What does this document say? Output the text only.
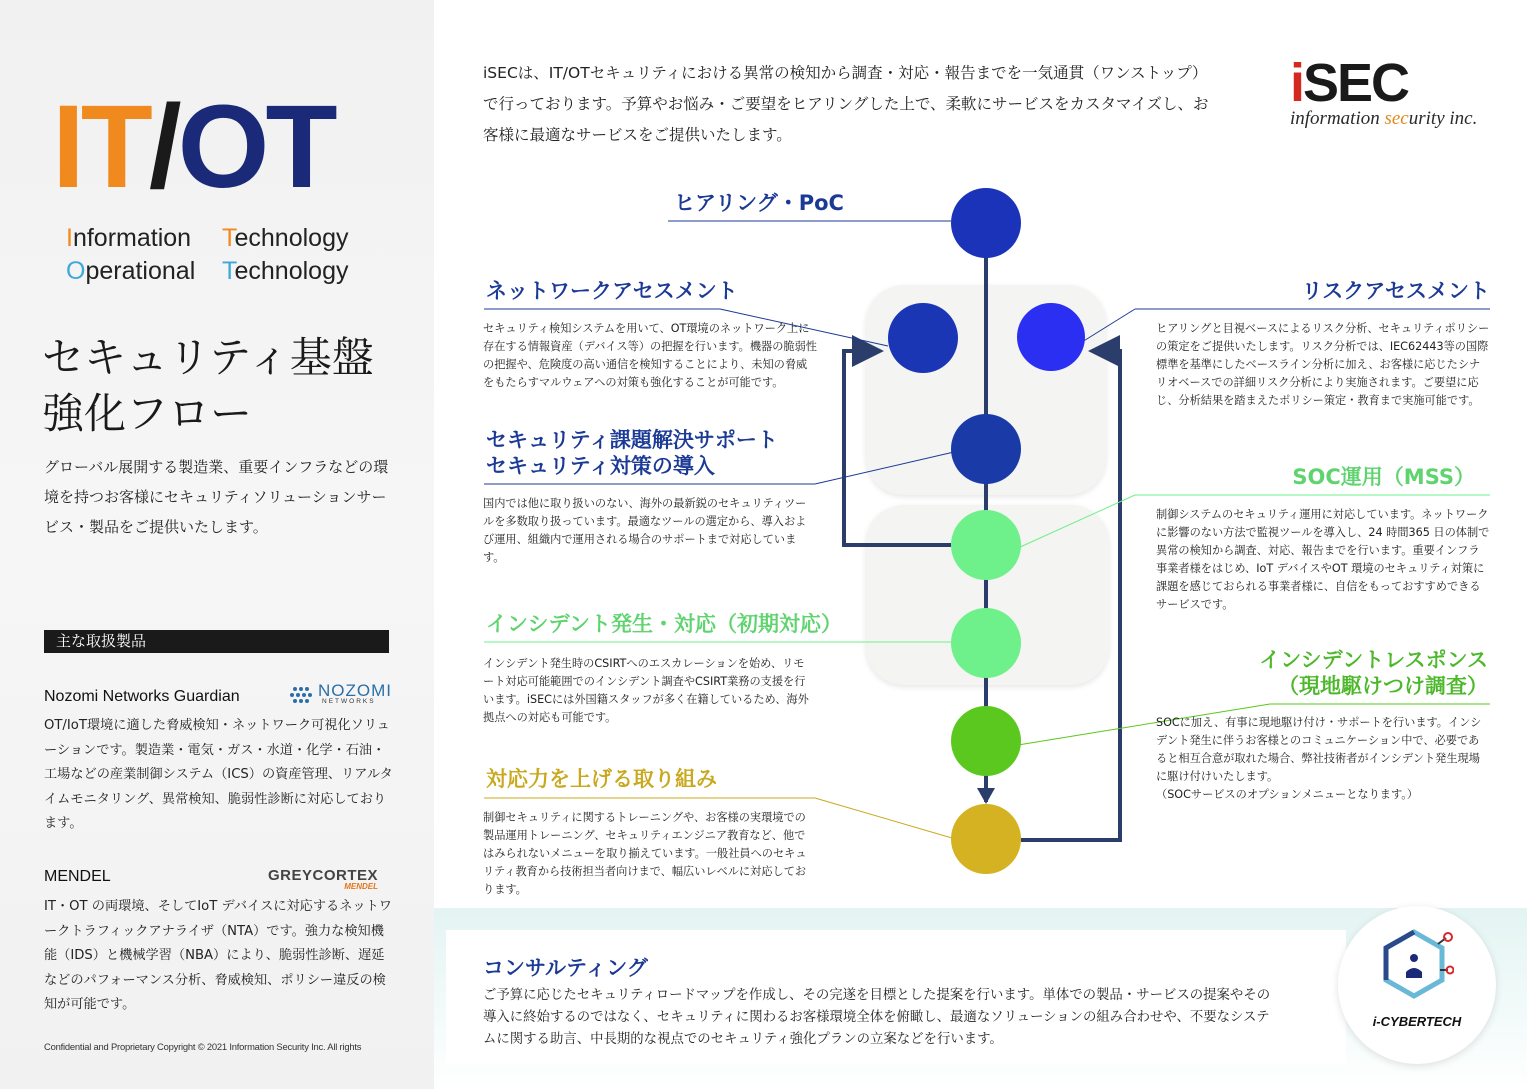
IT/OT
Information Technology
Operational Technology
セキュリティ基盤
強化フロー
グローバル展開する製造業、重要インフラなどの環境を持つお客様にセキュリティソリューションサービス・製品をご提供いたします。
主な取扱製品
Nozomi Networks Guardian	NOZOMI
NETWORKS
OT/IoT環境に適した脅威検知・ネットワーク可視化ソリューションです。製造業・電気・ガス・水道・化学・石油・工場などの産業制御システム（ICS）の資産管理、リアルタイムモニタリング、異常検知、脆弱性診断に対応しております。
MENDEL	GREYCORTEX
MENDEL
IT・OT の両環境、そしてIoT デバイスに対応するネットワークトラフィックアナライザ（NTA）です。強力な検知機能（IDS）と機械学習（NBA）により、脆弱性診断、遅延などのパフォーマンス分析、脅威検知、ポリシー違反の検知が可能です。
Confidential and Proprietary Copyright © 2021 Information Security Inc. All rights
iSECは、IT/OTセキュリティにおける異常の検知から調査・対応・報告までを一気通貫（ワンストップ）で行っております。予算やお悩み・ご要望をヒアリングした上で、柔軟にサービスをカスタマイズし、お客様に最適なサービスをご提供いたします。
iSEC
information security inc.
ヒアリング・PoC
ネットワークアセスメント
セキュリティ検知システムを用いて、OT環境のネットワーク上に存在する情報資産（デバイス等）の把握を行います。機器の脆弱性の把握や、危険度の高い通信を検知することにより、未知の脅威をもたらすマルウェアへの対策も強化することが可能です。
リスクアセスメント
ヒアリングと目視ベースによるリスク分析、セキュリティポリシーの策定をご提供いたします。リスク分析では、IEC62443等の国際標準を基準にしたベースライン分析に加え、お客様に応じたシナリオベースでの詳細リスク分析により実施されます。ご要望に応じ、分析結果を踏まえたポリシー策定・教育まで実施可能です。
セキュリティ課題解決サポート
セキュリティ対策の導入
国内では他に取り扱いのない、海外の最新鋭のセキュリティツールを多数取り扱っています。最適なツールの選定から、導入および運用、組織内で運用される場合のサポートまで対応しています。
SOC運用（MSS）
制御システムのセキュリティ運用に対応しています。ネットワークに影響のない方法で監視ツールを導入し、24 時間365 日の体制で異常の検知から調査、対応、報告までを行います。重要インフラ事業者様をはじめ、IoT デバイスやOT 環境のセキュリティ対策に課題を感じておられる事業者様に、自信をもっておすすめできるサービスです。
インシデント発生・対応（初期対応）
インシデント発生時のCSIRTへのエスカレーションを始め、リモート対応可能範囲でのインシデント調査やCSIRT業務の支援を行います。iSECには外国籍スタッフが多く在籍しているため、海外拠点への対応も可能です。
インシデントレスポンス
（現地駆けつけ調査）
SOCに加え、有事に現地駆け付け・サポートを行います。インシデント発生に伴うお客様とのコミュニケーション中で、必要であると相互合意が取れた場合、弊社技術者がインシデント発生現場に駆け付けいたします。
（SOCサービスのオプションメニューとなります。）
対応力を上げる取り組み
制御セキュリティに関するトレーニングや、お客様の実環境での製品運用トレーニング、セキュリティエンジニア教育など、他ではみられないメニューを取り揃えています。一般社員へのセキュリティ教育から技術担当者向けまで、幅広いレベルに対応しております。
コンサルティング
ご予算に応じたセキュリティロードマップを作成し、その完遂を目標とした提案を行います。単体での製品・サービスの提案やその導入に終始するのではなく、セキュリティに関わるお客様環境全体を俯瞰し、最適なソリューションの組み合わせや、不要なシステムに関する助言、中長期的な視点でのセキュリティ強化プランの立案などを行います。
i-CYBERTECH
